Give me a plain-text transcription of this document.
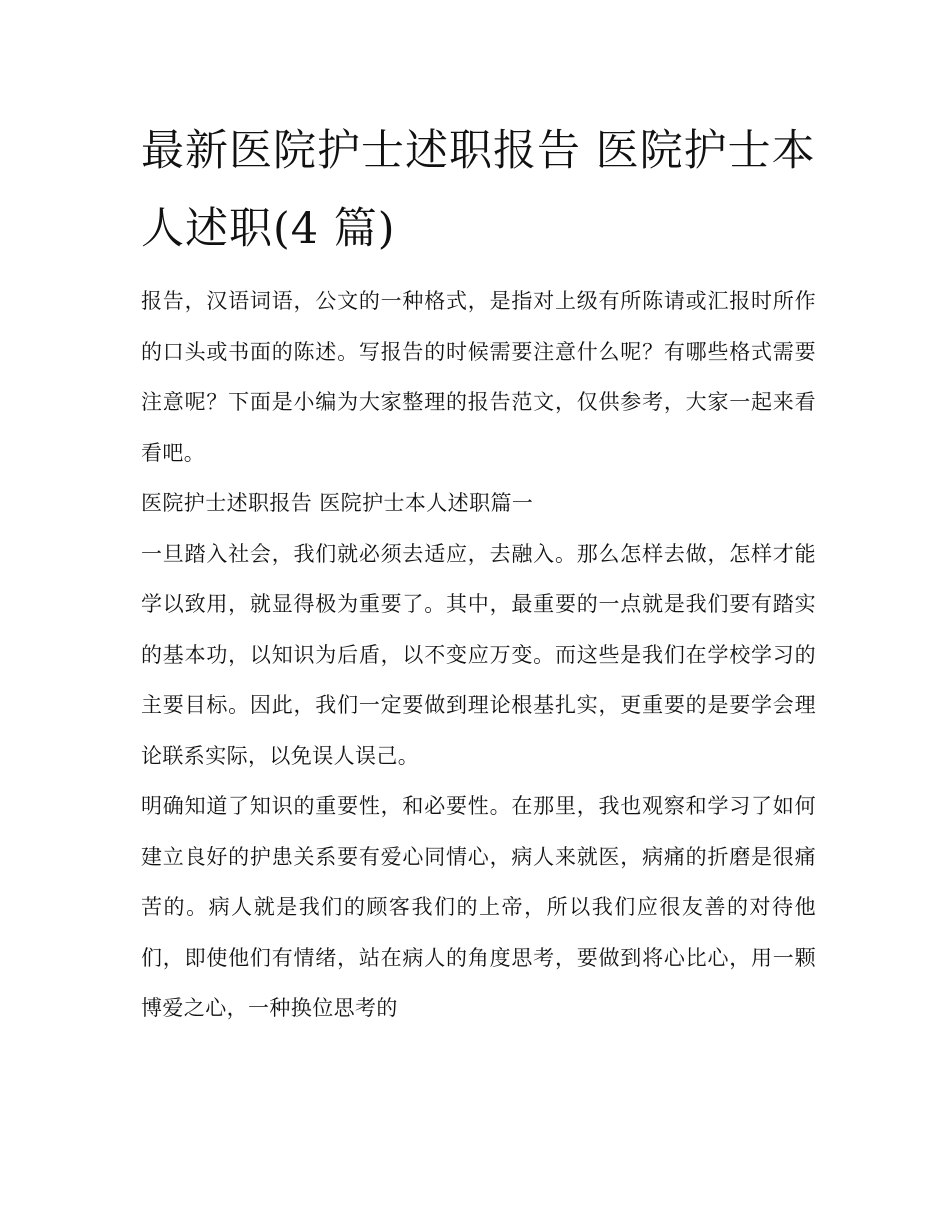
最新医院护士述职报告 医院护士本人述职(4 篇)

报告，汉语词语，公文的一种格式，是指对上级有所陈请或汇报时所作的口头或书面的陈述。写报告的时候需要注意什么呢？有哪些格式需要注意呢？下面是小编为大家整理的报告范文，仅供参考，大家一起来看看吧。

医院护士述职报告 医院护士本人述职篇一

一旦踏入社会，我们就必须去适应，去融入。那么怎样去做，怎样才能学以致用，就显得极为重要了。其中，最重要的一点就是我们要有踏实的基本功，以知识为后盾，以不变应万变。而这些是我们在学校学习的主要目标。因此，我们一定要做到理论根基扎实，更重要的是要学会理论联系实际，以免误人误己。

明确知道了知识的重要性，和必要性。在那里，我也观察和学习了如何建立良好的护患关系要有爱心同情心，病人来就医，病痛的折磨是很痛苦的。病人就是我们的顾客我们的上帝，所以我们应很友善的对待他们，即使他们有情绪，站在病人的角度思考，要做到将心比心，用一颗博爱之心，一种换位思考的
